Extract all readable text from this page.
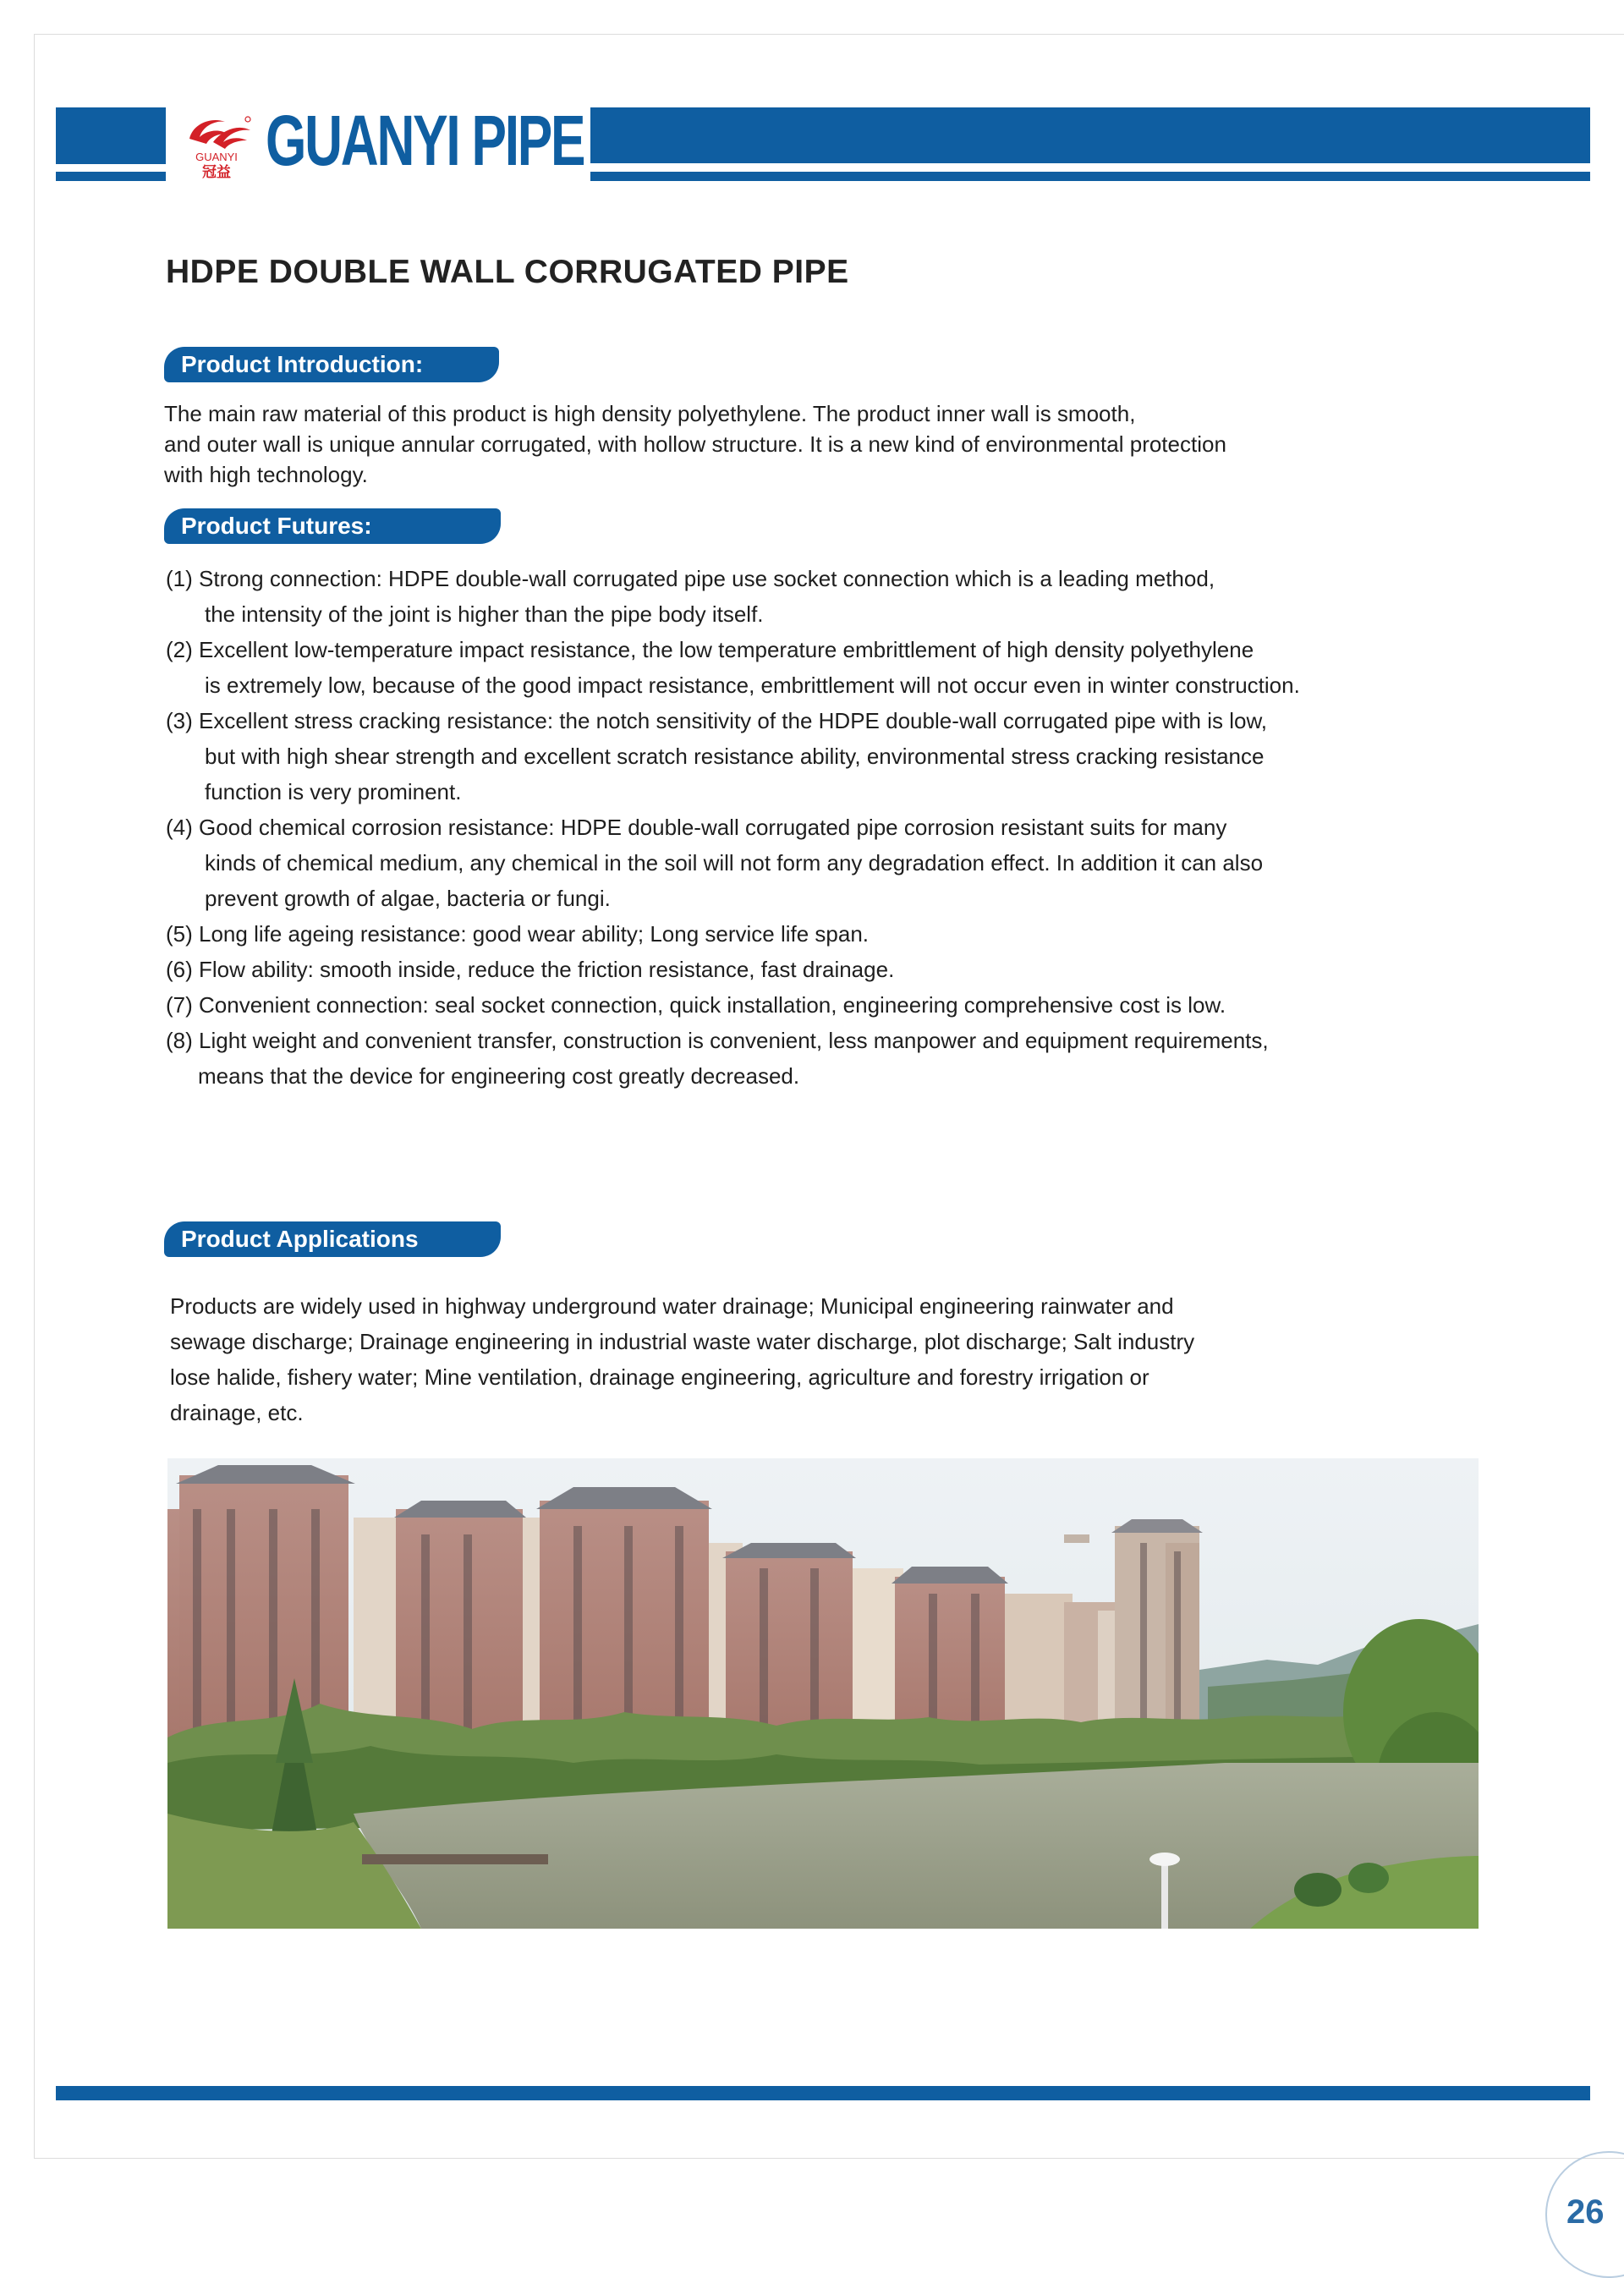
GUANYI
冠益 GUANYI PIPE
HDPE DOUBLE WALL CORRUGATED PIPE
Product Introduction:
The main raw material of this product is high density polyethylene. The product inner wall is smooth,
and outer wall is unique annular corrugated, with hollow structure. It is a new kind of environmental protection
with high technology.
Product Futures:
(1) Strong connection: HDPE double-wall corrugated pipe use socket connection which is a leading method,
the intensity of the joint is higher than the pipe body itself.
(2) Excellent low-temperature impact resistance, the low temperature embrittlement of high density polyethylene
is extremely low, because of the good impact resistance, embrittlement will not occur even in winter construction.
(3) Excellent stress cracking resistance: the notch sensitivity of the HDPE double-wall corrugated pipe with is low,
but with high shear strength and excellent scratch resistance ability, environmental stress cracking resistance
function is very prominent.
(4) Good chemical corrosion resistance: HDPE double-wall corrugated pipe corrosion resistant suits for many
kinds of chemical medium, any chemical in the soil will not form any degradation effect. In addition it can also
prevent growth of algae, bacteria or fungi.
(5) Long life ageing resistance: good wear ability; Long service life span.
(6) Flow ability: smooth inside, reduce the friction resistance, fast drainage.
(7) Convenient connection: seal socket connection, quick installation, engineering comprehensive cost is low.
(8) Light weight and convenient transfer, construction is convenient, less manpower and equipment requirements,
means that the device for engineering cost greatly decreased.
Product Applications
Products are widely used in highway underground water drainage; Municipal engineering rainwater and
sewage discharge; Drainage engineering in industrial waste water discharge, plot discharge; Salt industry
lose halide, fishery water; Mine ventilation, drainage engineering, agriculture and forestry irrigation or
drainage, etc.
26
